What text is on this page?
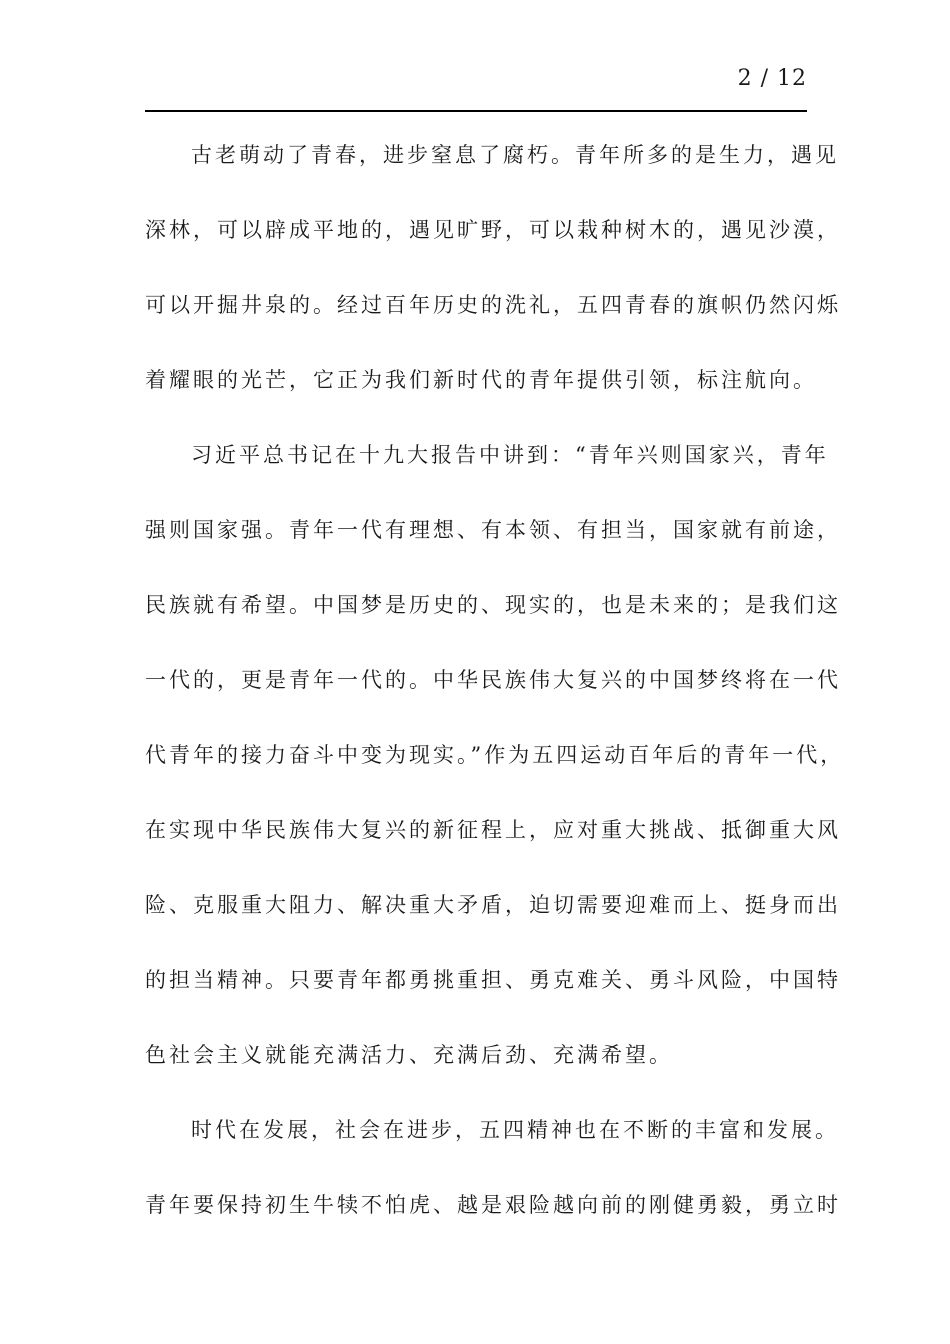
2 / 12

古老萌动了青春，进步窒息了腐朽。青年所多的是生力，遇见

深林，可以辟成平地的，遇见旷野，可以栽种树木的，遇见沙漠，

可以开掘井泉的。经过百年历史的洗礼，五四青春的旗帜仍然闪烁

着耀眼的光芒，它正为我们新时代的青年提供引领，标注航向。

习近平总书记在十九大报告中讲到：“青年兴则国家兴，青年

强则国家强。青年一代有理想、有本领、有担当，国家就有前途，

民族就有希望。中国梦是历史的、现实的，也是未来的；是我们这

一代的，更是青年一代的。中华民族伟大复兴的中国梦终将在一代

代青年的接力奋斗中变为现实。”作为五四运动百年后的青年一代，

在实现中华民族伟大复兴的新征程上，应对重大挑战、抵御重大风

险、克服重大阻力、解决重大矛盾，迫切需要迎难而上、挺身而出

的担当精神。只要青年都勇挑重担、勇克难关、勇斗风险，中国特

色社会主义就能充满活力、充满后劲、充满希望。

时代在发展，社会在进步，五四精神也在不断的丰富和发展。

青年要保持初生牛犊不怕虎、越是艰险越向前的刚健勇毅，勇立时
